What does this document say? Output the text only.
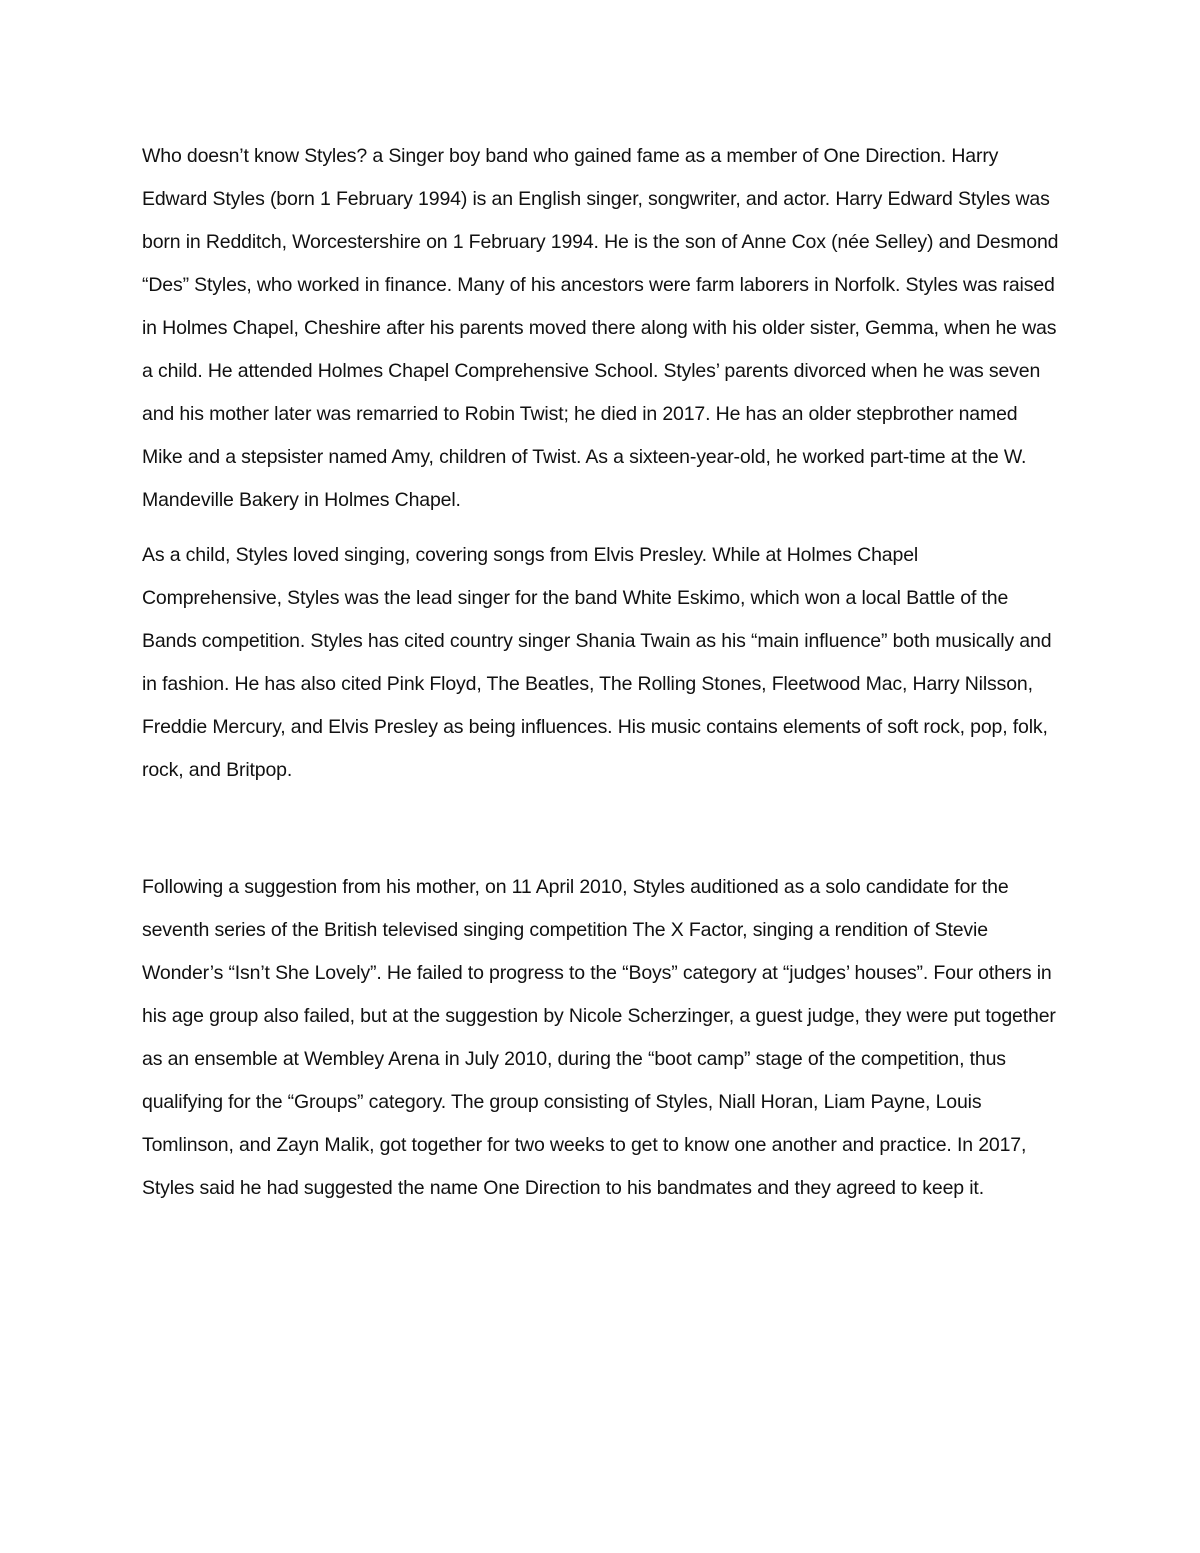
Who doesn’t know Styles? a Singer boy band who gained fame as a member of One Direction. Harry Edward Styles (born 1 February 1994) is an English singer, songwriter, and actor. Harry Edward Styles was born in Redditch, Worcestershire on 1 February 1994. He is the son of Anne Cox (née Selley) and Desmond “Des” Styles, who worked in finance. Many of his ancestors were farm laborers in Norfolk. Styles was raised in Holmes Chapel, Cheshire after his parents moved there along with his older sister, Gemma, when he was a child. He attended Holmes Chapel Comprehensive School. Styles’ parents divorced when he was seven and his mother later was remarried to Robin Twist; he died in 2017. He has an older stepbrother named Mike and a stepsister named Amy, children of Twist. As a sixteen-year-old, he worked part-time at the W. Mandeville Bakery in Holmes Chapel.

As a child, Styles loved singing, covering songs from Elvis Presley. While at Holmes Chapel Comprehensive, Styles was the lead singer for the band White Eskimo, which won a local Battle of the Bands competition. Styles has cited country singer Shania Twain as his “main influence” both musically and in fashion. He has also cited Pink Floyd, The Beatles, The Rolling Stones, Fleetwood Mac, Harry Nilsson, Freddie Mercury, and Elvis Presley as being influences. His music contains elements of soft rock, pop, folk, rock, and Britpop.

Following a suggestion from his mother, on 11 April 2010, Styles auditioned as a solo candidate for the seventh series of the British televised singing competition The X Factor, singing a rendition of Stevie Wonder’s “Isn’t She Lovely”. He failed to progress to the “Boys” category at “judges’ houses”. Four others in his age group also failed, but at the suggestion by Nicole Scherzinger, a guest judge, they were put together as an ensemble at Wembley Arena in July 2010, during the “boot camp” stage of the competition, thus qualifying for the “Groups” category. The group consisting of Styles, Niall Horan, Liam Payne, Louis Tomlinson, and Zayn Malik, got together for two weeks to get to know one another and practice. In 2017, Styles said he had suggested the name One Direction to his bandmates and they agreed to keep it.
